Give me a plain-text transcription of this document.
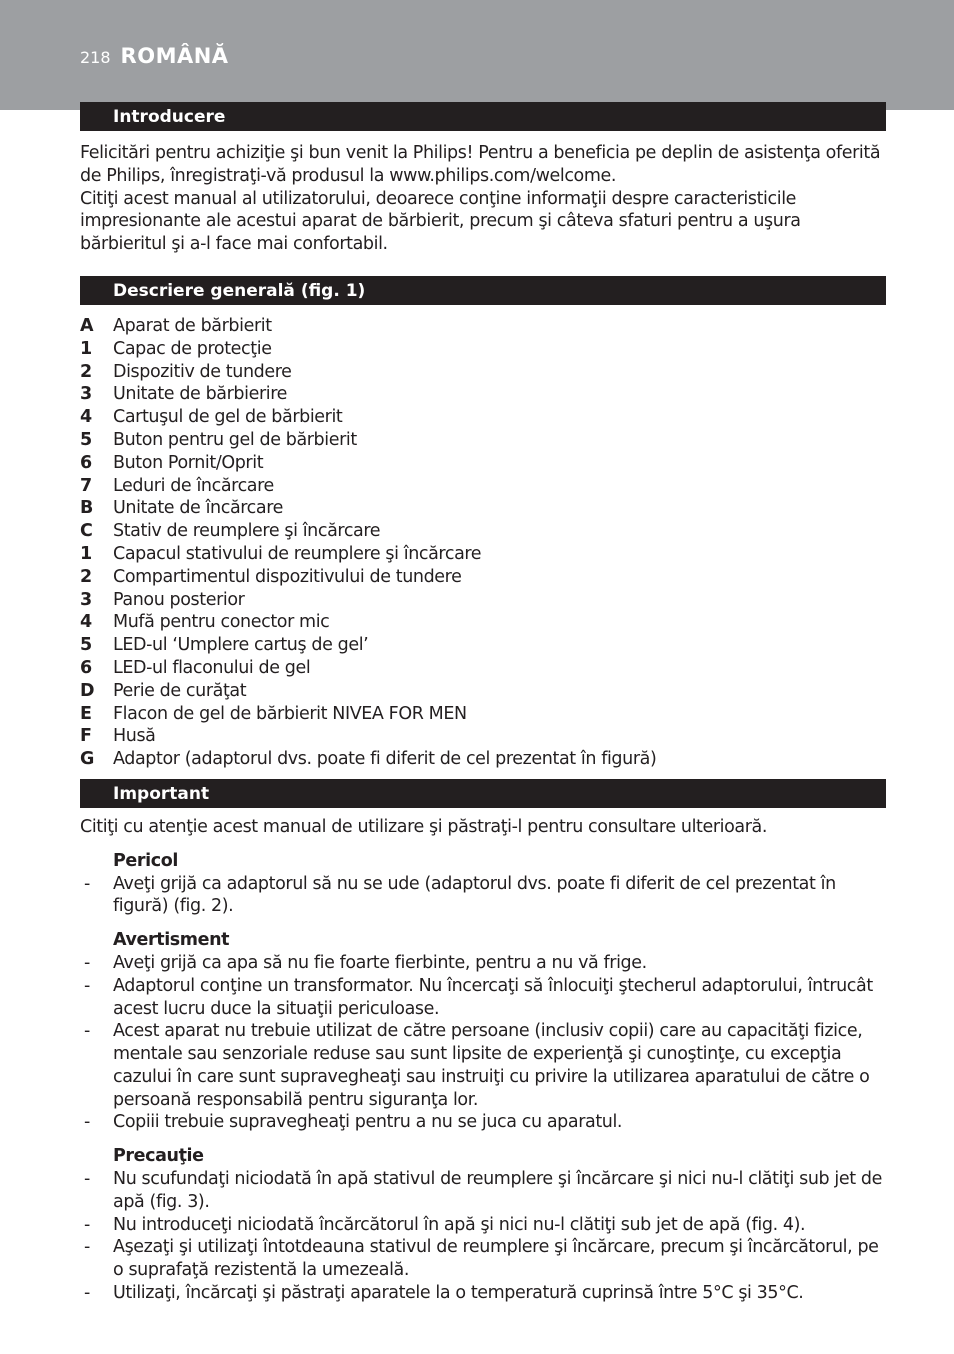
218 ROMÂNĂ
Introducere

Felicitări pentru achiziţie şi bun venit la Philips! Pentru a beneficia pe deplin de asistenţa oferită de Philips, înregistraţi-vă produsul la www.philips.com/welcome.

Citiţi acest manual al utilizatorului, deoarece conţine informaţii despre caracteristicile impresionante ale acestui aparat de bărbierit, precum şi câteva sfaturi pentru a uşura bărbieritul şi a-l face mai confortabil.

Descriere generală (fig. 1)
A	Aparat de bărbierit
1	Capac de protecţie
2	Dispozitiv de tundere
3	Unitate de bărbierire
4	Cartuşul de gel de bărbierit
5	Buton pentru gel de bărbierit
6	Buton Pornit/Oprit
7	Leduri de încărcare
B	Unitate de încărcare
C	Stativ de reumplere şi încărcare
1	Capacul stativului de reumplere şi încărcare
2	Compartimentul dispozitivului de tundere
3	Panou posterior
4	Mufă pentru conector mic
5	LED-ul ‘Umplere cartuş de gel’
6	LED-ul flaconului de gel
D	Perie de curăţat
E	Flacon de gel de bărbierit NIVEA FOR MEN
F	Husă
G	Adaptor (adaptorul dvs. poate fi diferit de cel prezentat în figură)
Important

Citiţi cu atenţie acest manual de utilizare şi păstraţi-l pentru consultare ulterioară.

Pericol
-	Aveţi grijă ca adaptorul să nu se ude (adaptorul dvs. poate fi diferit de cel prezentat în figură) (fig. 2).
Avertisment
-	Aveţi grijă ca apa să nu fie foarte fierbinte, pentru a nu vă frige.
-	Adaptorul conţine un transformator. Nu încercaţi să înlocuiţi ştecherul adaptorului, întrucât acest lucru duce la situaţii periculoase.
-	Acest aparat nu trebuie utilizat de către persoane (inclusiv copii) care au capacităţi fizice, mentale sau senzoriale reduse sau sunt lipsite de experienţă şi cunoştinţe, cu excepţia cazului în care sunt supravegheaţi sau instruiţi cu privire la utilizarea aparatului de către o persoană responsabilă pentru siguranţa lor.
-	Copiii trebuie supravegheaţi pentru a nu se juca cu aparatul.
Precauţie
-	Nu scufundaţi niciodată în apă stativul de reumplere şi încărcare şi nici nu-l clătiţi sub jet de apă (fig. 3).
-	Nu introduceţi niciodată încărcătorul în apă şi nici nu-l clătiţi sub jet de apă (fig. 4).
-	Aşezaţi şi utilizaţi întotdeauna stativul de reumplere şi încărcare, precum şi încărcătorul, pe o suprafaţă rezistentă la umezeală.
-	Utilizaţi, încărcaţi şi păstraţi aparatele la o temperatură cuprinsă între 5°C şi 35°C.
